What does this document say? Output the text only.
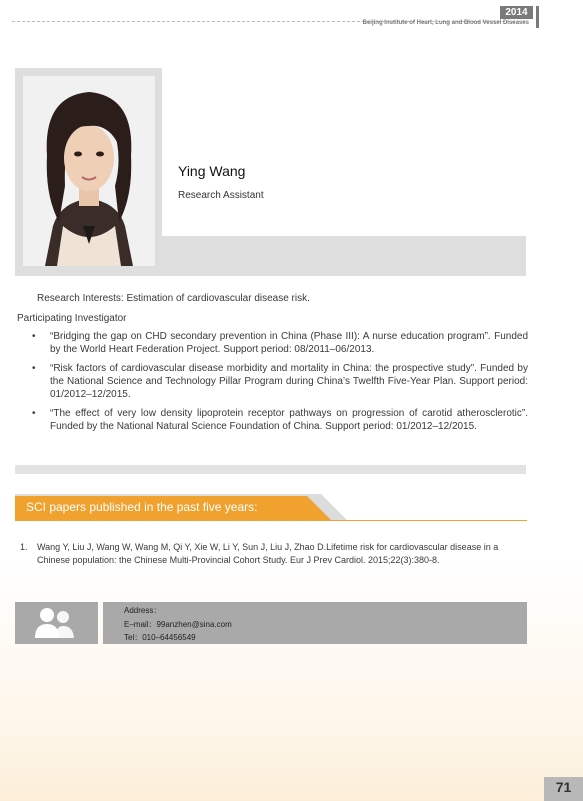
2014
Beijing Institute of Heart, Lung and Blood Vessel Diseases
Ying Wang
Research Assistant
Research Interests: Estimation of cardiovascular disease risk.
Participating Investigator
• “Bridging the gap on CHD secondary prevention in China (Phase III): A nurse education program”. Funded by the World Heart Federation Project. Support period: 08/2011–06/2013.
• “Risk factors of cardiovascular disease morbidity and mortality in China: the prospective study”. Funded by the National Science and Technology Pillar Program during China’s Twelfth Five-Year Plan. Support period: 01/2012–12/2015.
• “The effect of very low density lipoprotein receptor pathways on progression of carotid atherosclerotic”. Funded by the National Natural Science Foundation of China. Support period: 01/2012–12/2015.
SCI papers published in the past five years:
1.	Wang Y, Liu J, Wang W, Wang M, Qi Y, Xie W, Li Y, Sun J, Liu J, Zhao D.Lifetime risk for cardiovascular disease in a Chinese population: the Chinese Multi-Provincial Cohort Study. Eur J Prev Cardiol. 2015;22(3):380-8.
Address：
E–mail：99anzhen@sina.com
Tel：010–64456549
71
